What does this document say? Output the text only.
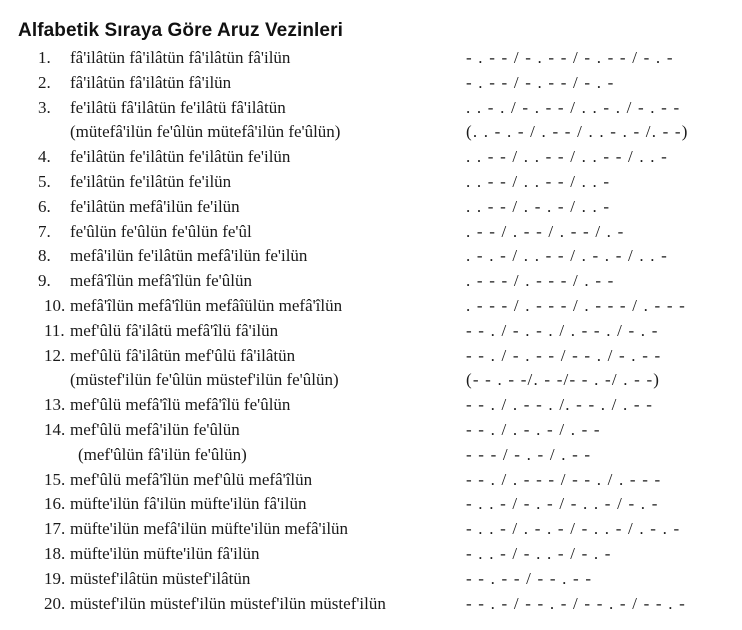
Alfabetik Sıraya Göre Aruz Vezinleri
1.	fâ'ilâtün fâ'ilâtün fâ'ilâtün fâ'ilün	- . - - / - . - - / - . - - / - . -
2.	fâ'ilâtün fâ'ilâtün fâ'ilün	- . - - / - . - - / - . -
3.	fe'ilâtü fâ'ilâtün fe'ilâtü fâ'ilâtün	. . - . / - . - - / . . - . / - . - -
(mütefâ'ilün fe'ûlün mütefâ'ilün fe'ûlün)	(. . - . - / . - - / . . - . - /. - -)
4.	fe'ilâtün fe'ilâtün fe'ilâtün fe'ilün	. . - - / . . - - / . . - - / . . -
5.	fe'ilâtün fe'ilâtün fe'ilün	. . - - / . . - - / . . -
6.	fe'ilâtün mefâ'ilün fe'ilün	. . - - / . - . - / . . -
7.	fe'ûlün fe'ûlün fe'ûlün fe'ûl	. - - / . - - / . - - / . -
8.	mefâ'ilün fe'ilâtün mefâ'ilün fe'ilün	. - . - / . . - - / . - . - / . . -
9.	mefâ'îlün mefâ'îlün fe'ûlün	. - - - / . - - - / . - -
10. mefâ'îlün mefâ'îlün mefâîülün mefâ'îlün	. - - - / . - - - / . - - - / . - - -
11. mef'ûlü fâ'ilâtü mefâ'îlü fâ'ilün	- - . / - . - . / . - - . / - . -
12. mef'ûlü fâ'ilâtün mef'ûlü fâ'ilâtün	- - . / - . - - / - - . / - . - -
(müstef'ilün fe'ûlün müstef'ilün fe'ûlün)	(- - . - -/. - -/- - . -/ . - -)
13. mef'ûlü mefâ'îlü mefâ'îlü fe'ûlün	- - . / . - - . /. - - . / . - -
14. mef'ûlü mefâ'ilün fe'ûlün	- - . / . - . - / . - -
(mef'ûlün fâ'ilün fe'ûlün)	- - - / - . - / . - -
15. mef'ûlü mefâ'îlün mef'ûlü mefâ'îlün	- - . / . - - - / - - . / . - - -
16. müfte'ilün fâ'ilün müfte'ilün fâ'ilün	- . . - / - . - / - . . - / - . -
17. müfte'ilün mefâ'ilün müfte'ilün mefâ'ilün	- . . - / . - . - / - . . - / . - . -
18. müfte'ilün müfte'ilün fâ'ilün	- . . - / - . . - / - . -
19. müstef'ilâtün müstef'ilâtün	- - . - - / - - . - -
20. müstef'ilün müstef'ilün müstef'ilün müstef'ilün	- - . - / - - . - / - - . - / - - . -
